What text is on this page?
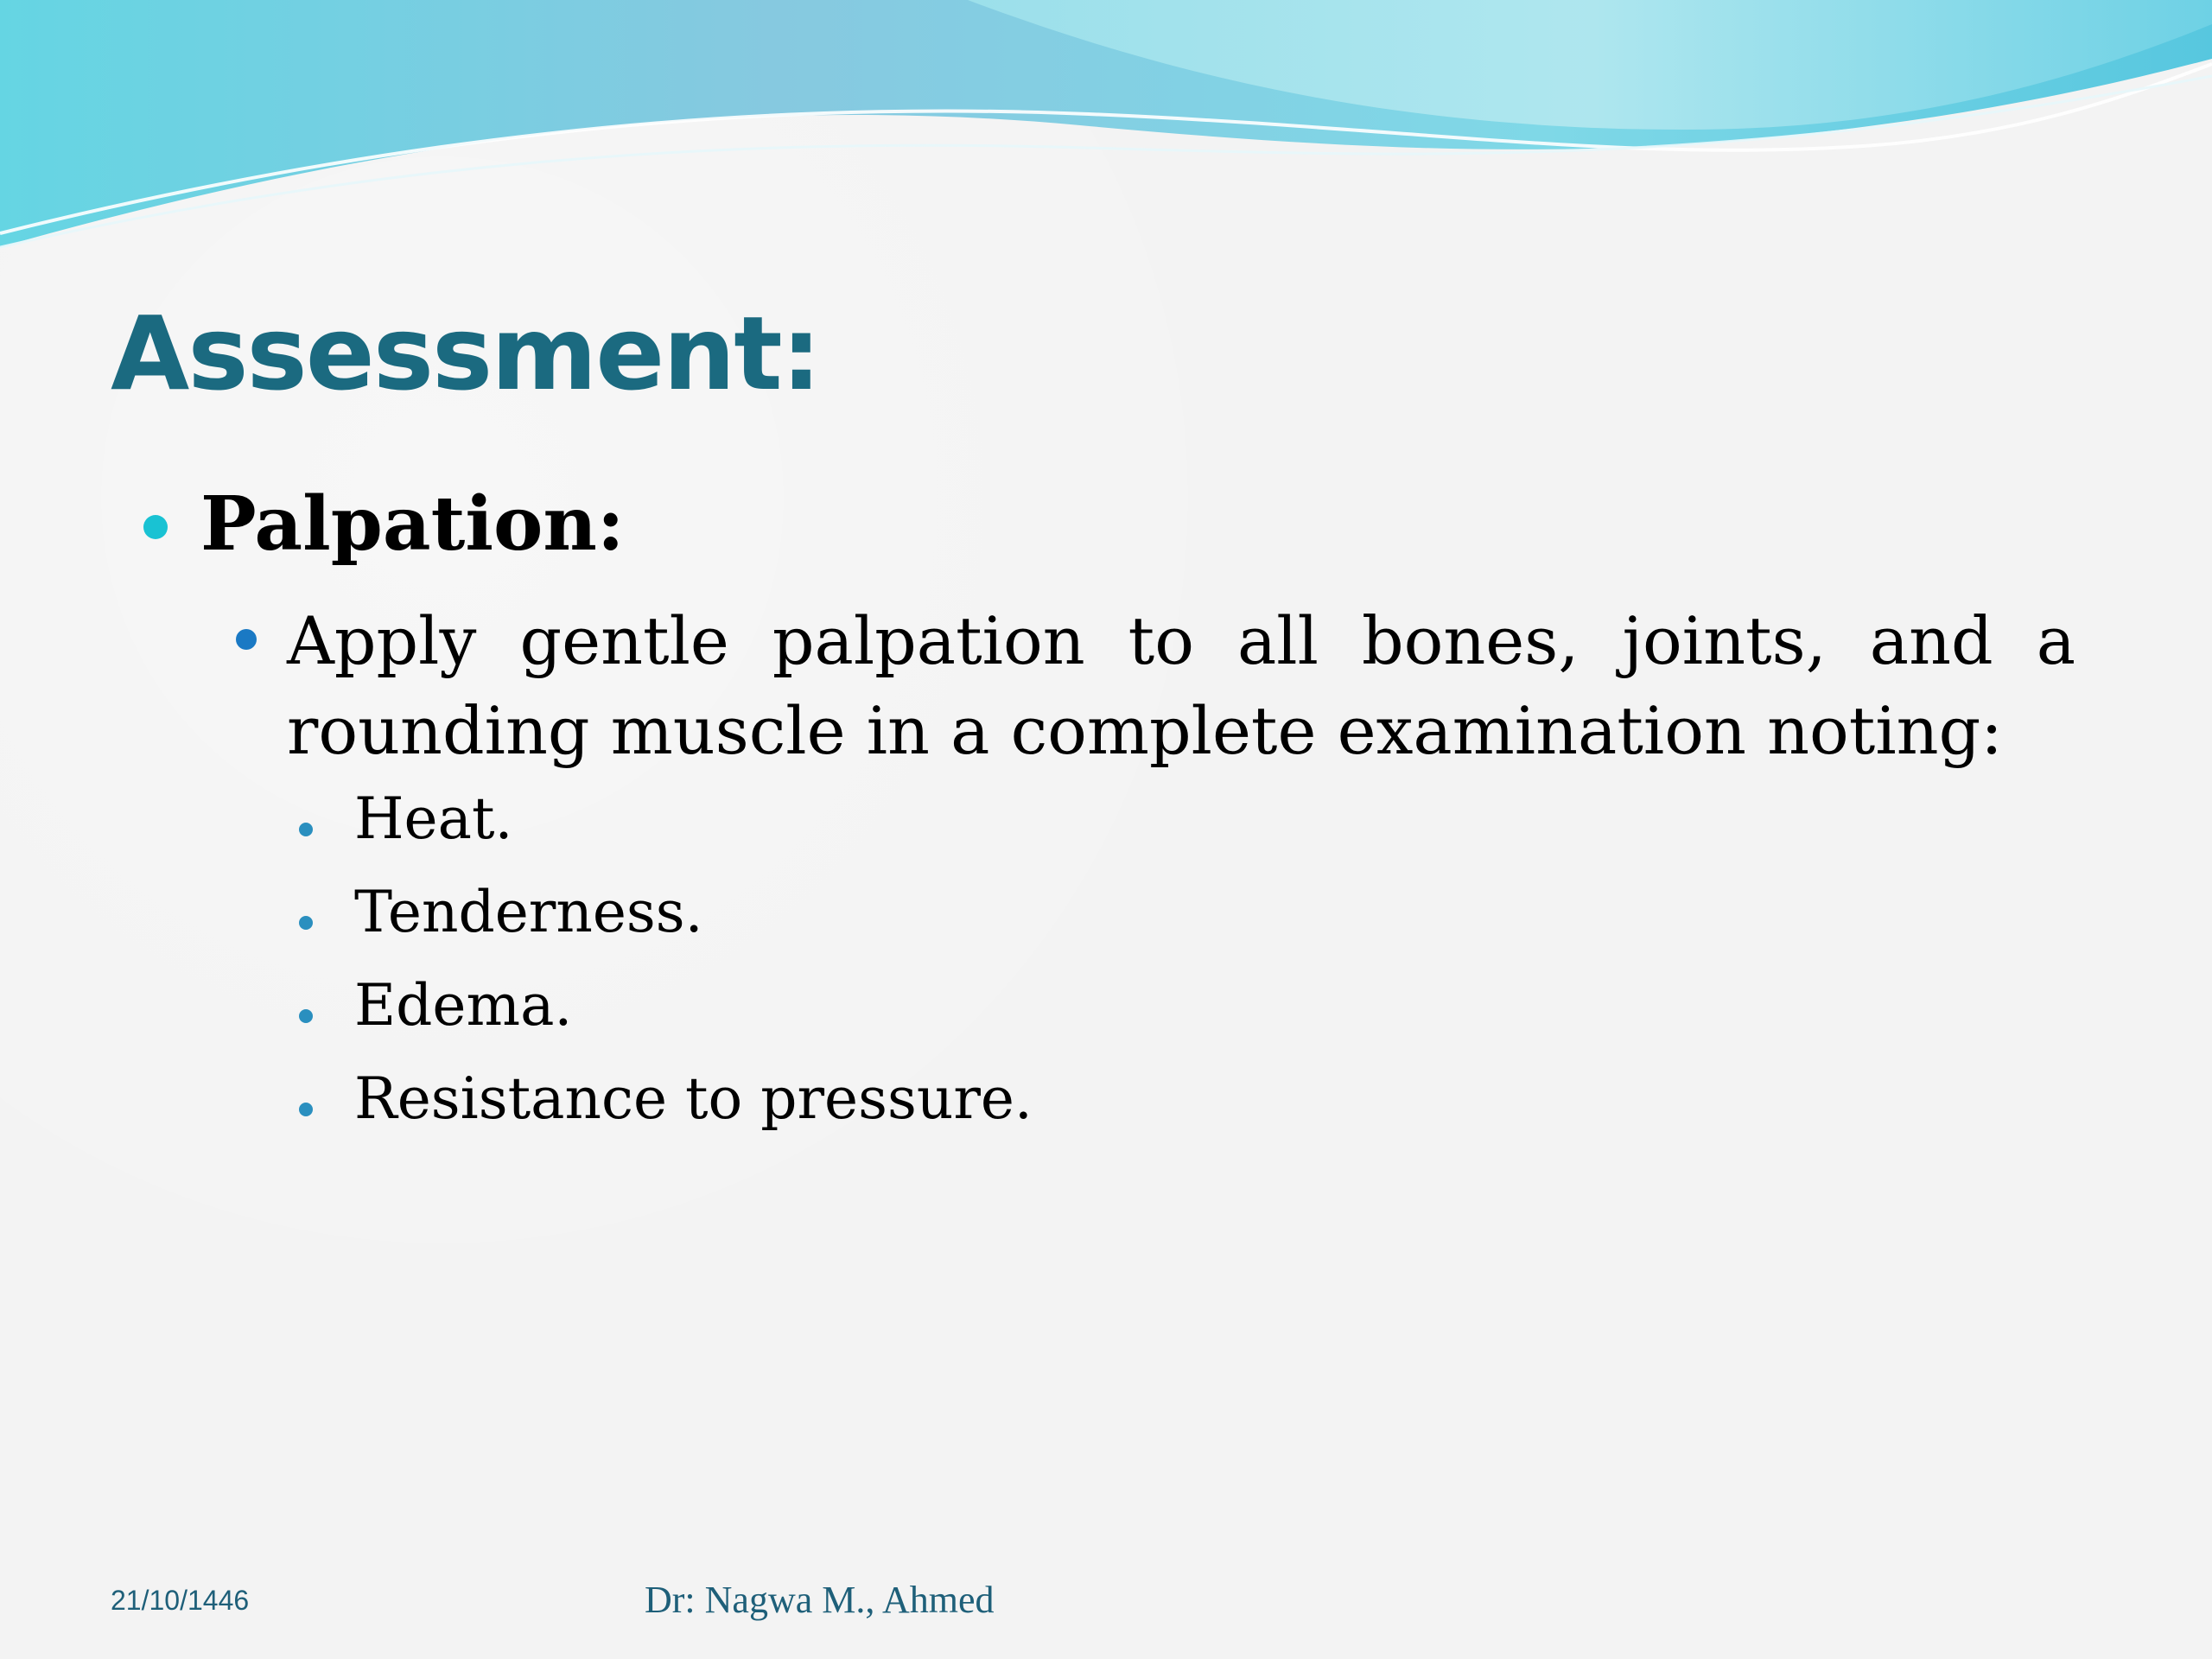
Assessment:

Palpation:

Apply gentle palpation to all bones, joints, and a rounding muscle in a complete examination noting:

Heat.

Tenderness.

Edema.

Resistance to pressure.

21/10/1446	Dr: Nagwa M., Ahmed
